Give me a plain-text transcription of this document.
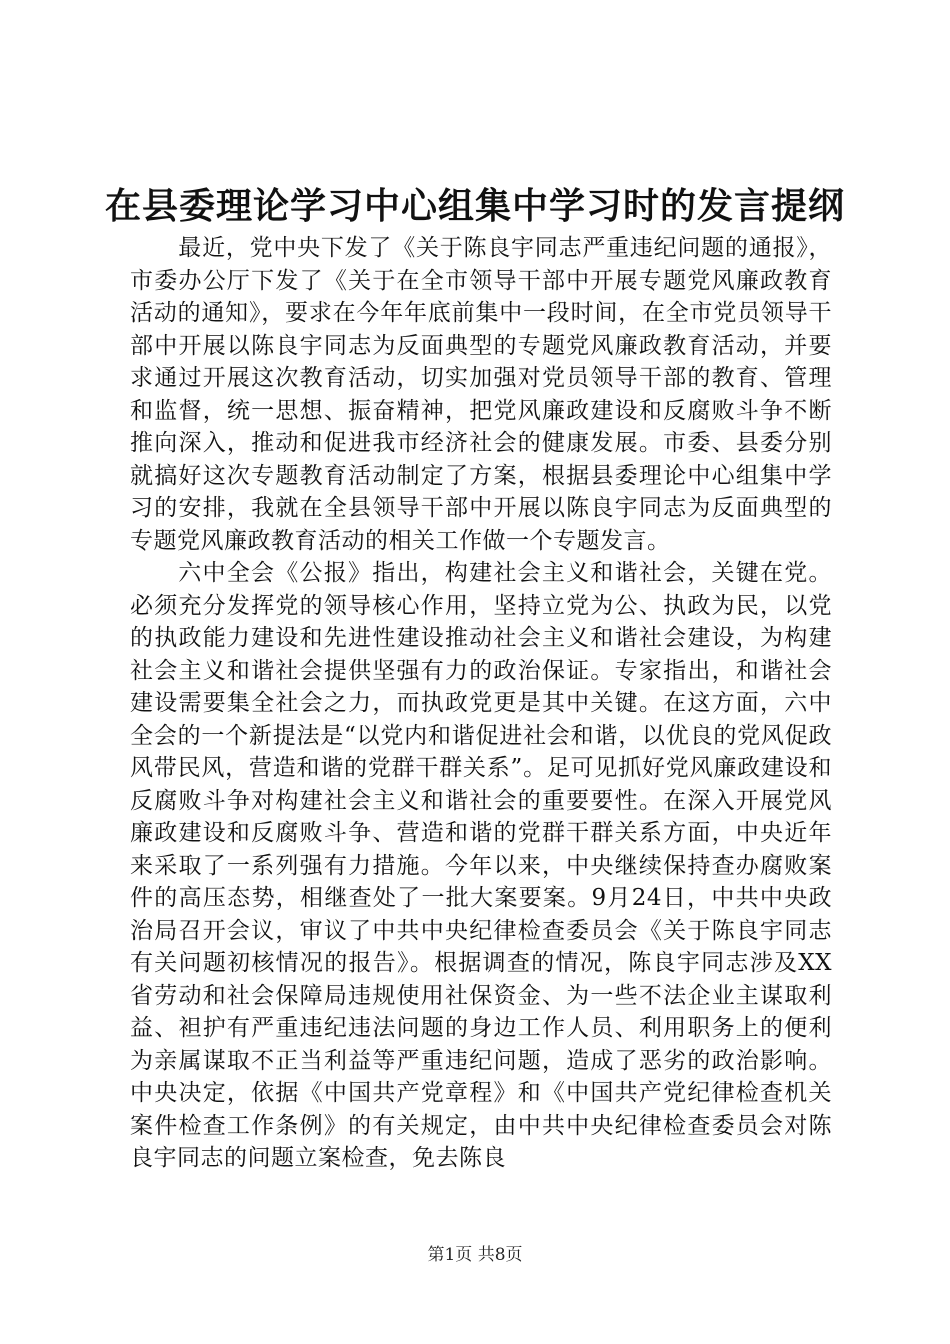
在县委理论学习中心组集中学习时的发言提纲

最近，党中央下发了《关于陈良宇同志严重违纪问题的通报》，市委办公厅下发了《关于在全市领导干部中开展专题党风廉政教育活动的通知》，要求在今年年底前集中一段时间，在全市党员领导干部中开展以陈良宇同志为反面典型的专题党风廉政教育活动，并要求通过开展这次教育活动，切实加强对党员领导干部的教育、管理和监督，统一思想、振奋精神，把党风廉政建设和反腐败斗争不断推向深入，推动和促进我市经济社会的健康发展。市委、县委分别就搞好这次专题教育活动制定了方案，根据县委理论中心组集中学习的安排，我就在全县领导干部中开展以陈良宇同志为反面典型的专题党风廉政教育活动的相关工作做一个专题发言。

六中全会《公报》指出，构建社会主义和谐社会，关键在党。必须充分发挥党的领导核心作用，坚持立党为公、执政为民，以党的执政能力建设和先进性建设推动社会主义和谐社会建设，为构建社会主义和谐社会提供坚强有力的政治保证。专家指出，和谐社会建设需要集全社会之力，而执政党更是其中关键。在这方面，六中全会的一个新提法是“以党内和谐促进社会和谐，以优良的党风促政风带民风，营造和谐的党群干群关系”。足可见抓好党风廉政建设和反腐败斗争对构建社会主义和谐社会的重要要性。在深入开展党风廉政建设和反腐败斗争、营造和谐的党群干群关系方面，中央近年来采取了一系列强有力措施。今年以来，中央继续保持查办腐败案件的高压态势，相继查处了一批大案要案。9月24日，中共中央政治局召开会议，审议了中共中央纪律检查委员会《关于陈良宇同志有关问题初核情况的报告》。根据调查的情况，陈良宇同志涉及XX省劳动和社会保障局违规使用社保资金、为一些不法企业主谋取利益、袒护有严重违纪违法问题的身边工作人员、利用职务上的便利为亲属谋取不正当利益等严重违纪问题，造成了恶劣的政治影响。中央决定，依据《中国共产党章程》和《中国共产党纪律检查机关案件检查工作条例》的有关规定，由中共中央纪律检查委员会对陈良宇同志的问题立案检查，免去陈良

第1页 共8页
